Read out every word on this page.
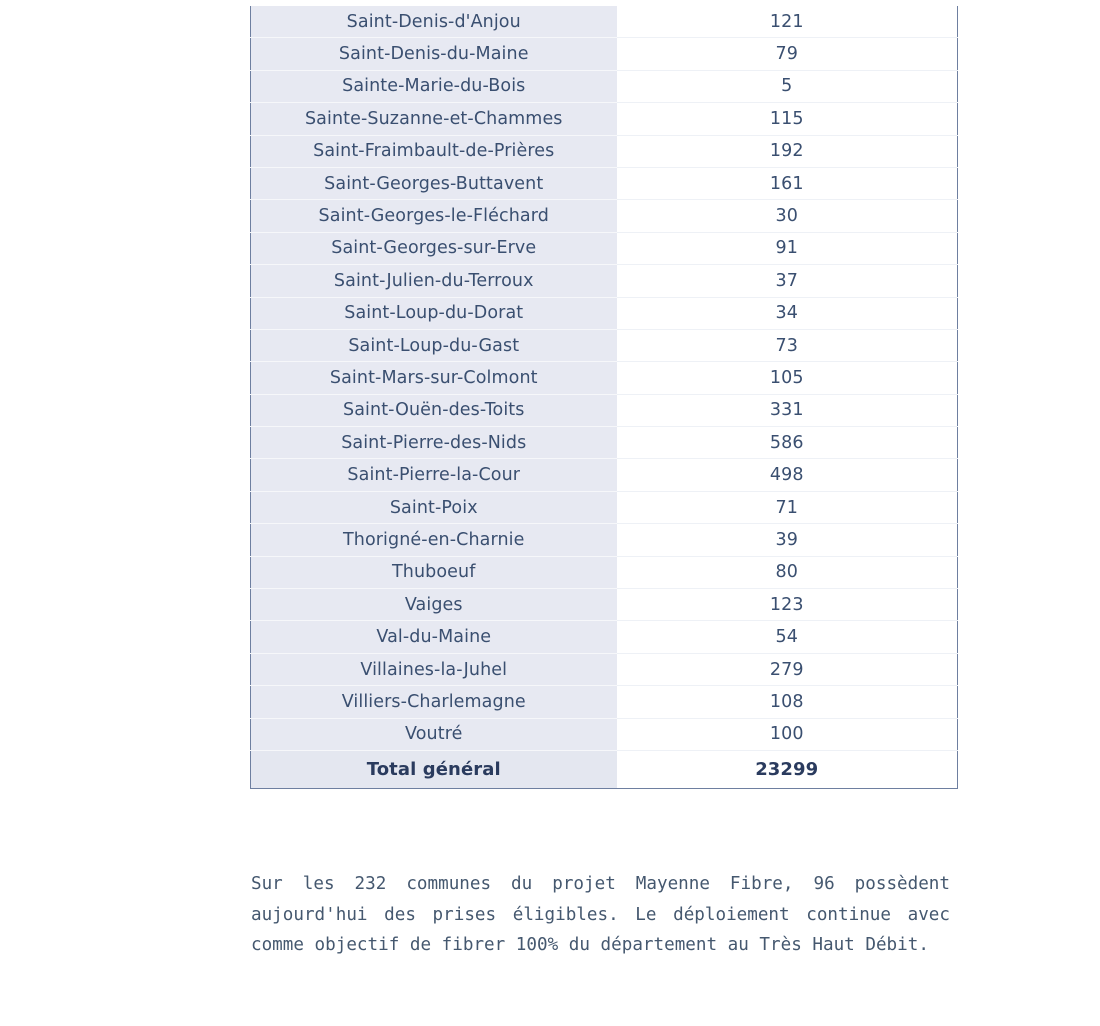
Saint-Denis-d'Anjou	121
Saint-Denis-du-Maine	79
Sainte-Marie-du-Bois	5
Sainte-Suzanne-et-Chammes	115
Saint-Fraimbault-de-Prières	192
Saint-Georges-Buttavent	161
Saint-Georges-le-Fléchard	30
Saint-Georges-sur-Erve	91
Saint-Julien-du-Terroux	37
Saint-Loup-du-Dorat	34
Saint-Loup-du-Gast	73
Saint-Mars-sur-Colmont	105
Saint-Ouën-des-Toits	331
Saint-Pierre-des-Nids	586
Saint-Pierre-la-Cour	498
Saint-Poix	71
Thorigné-en-Charnie	39
Thuboeuf	80
Vaiges	123
Val-du-Maine	54
Villaines-la-Juhel	279
Villiers-Charlemagne	108
Voutré	100
Total général	23299

Sur les 232 communes du projet Mayenne Fibre, 96 possèdent aujourd'hui des prises éligibles. Le déploiement continue avec comme objectif de fibrer 100% du département au Très Haut Débit.
